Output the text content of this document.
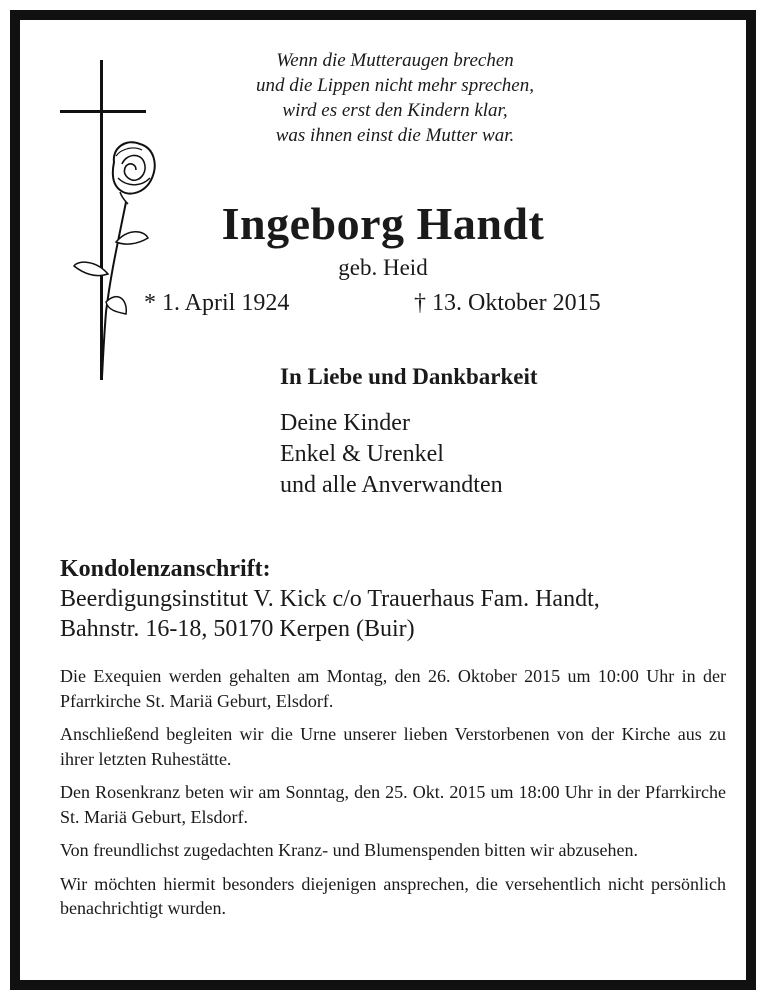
Wenn die Mutteraugen brechen
und die Lippen nicht mehr sprechen,
wird es erst den Kindern klar,
was ihnen einst die Mutter war.
Ingeborg Handt
geb. Heid
* 1. April 1924	† 13. Oktober 2015
In Liebe und Dankbarkeit
Deine Kinder
Enkel & Urenkel
und alle Anverwandten
Kondolenzanschrift:
Beerdigungsinstitut V. Kick c/o Trauerhaus Fam. Handt,
Bahnstr. 16-18, 50170 Kerpen (Buir)

Die Exequien werden gehalten am Montag, den 26. Oktober 2015 um 10:00 Uhr in der Pfarrkirche St. Mariä Geburt, Elsdorf.

Anschließend begleiten wir die Urne unserer lieben Verstorbenen von der Kirche aus zu ihrer letzten Ruhestätte.

Den Rosenkranz beten wir am Sonntag, den 25. Okt. 2015 um 18:00 Uhr in der Pfarrkirche St. Mariä Geburt, Elsdorf.

Von freundlichst zugedachten Kranz- und Blumenspenden bitten wir abzusehen.

Wir möchten hiermit besonders diejenigen ansprechen, die versehentlich nicht persönlich benachrichtigt wurden.
